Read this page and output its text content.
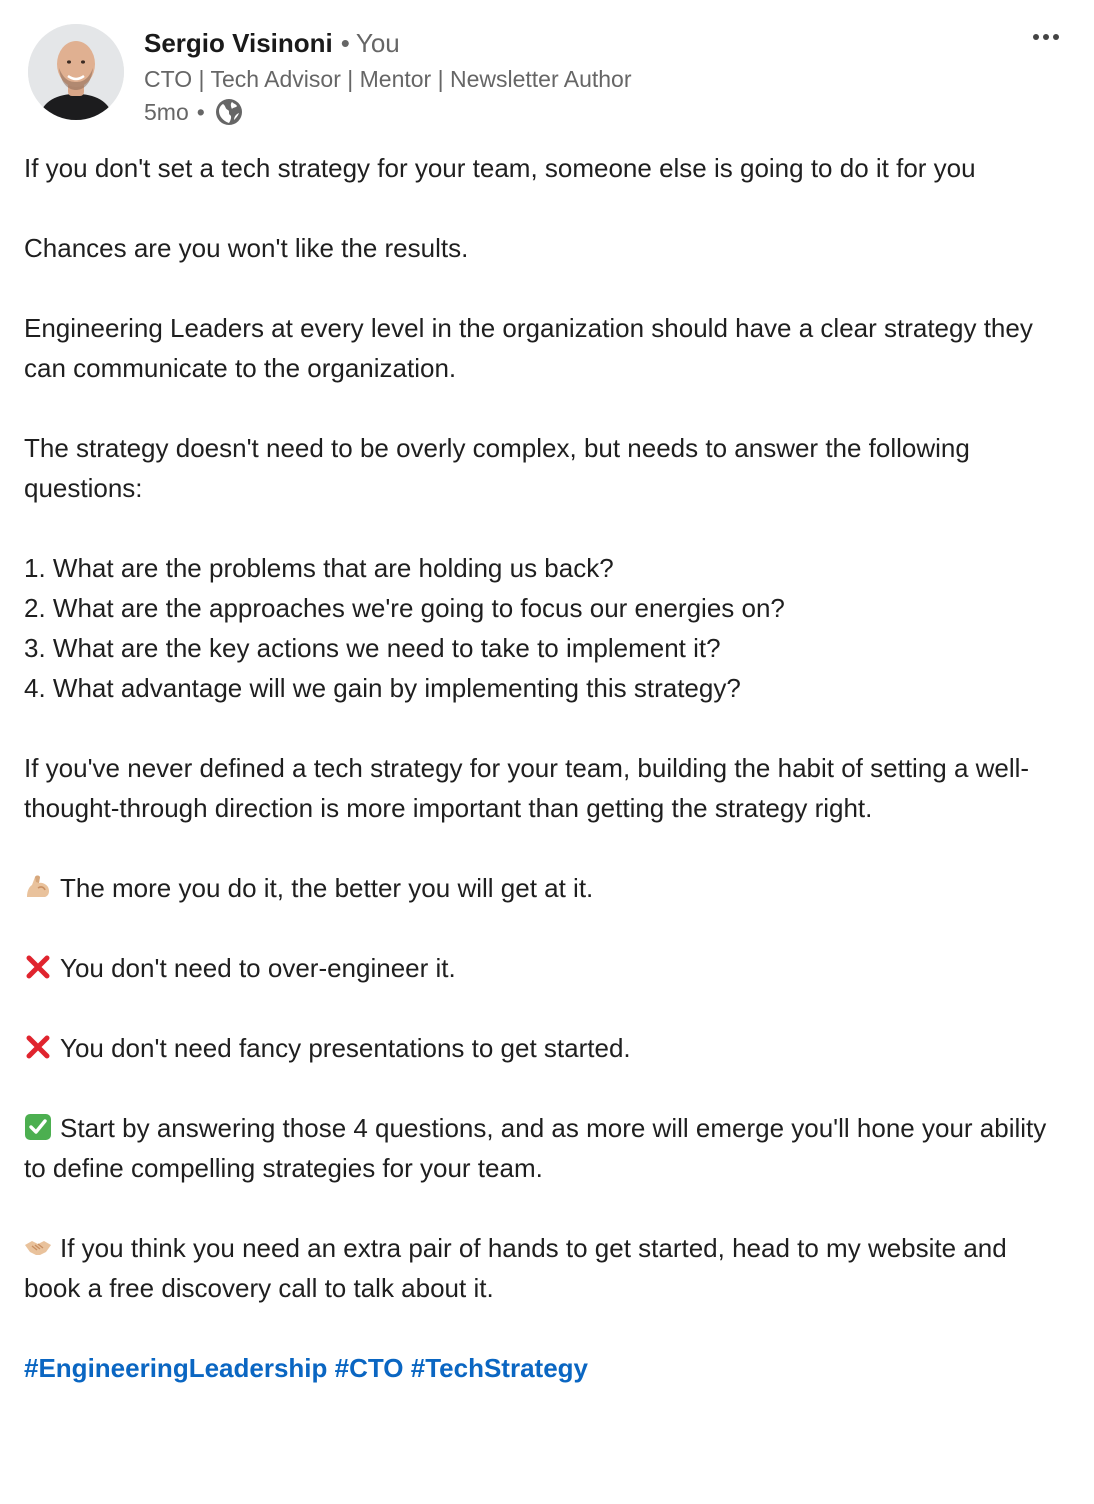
Sergio Visinoni • You
CTO | Tech Advisor | Mentor | Newsletter Author
5mo •

If you don't set a tech strategy for your team, someone else is going to do it for you

Chances are you won't like the results.

Engineering Leaders at every level in the organization should have a clear strategy they can communicate to the organization.

The strategy doesn't need to be overly complex, but needs to answer the following questions:

1. What are the problems that are holding us back?
2. What are the approaches we're going to focus our energies on?
3. What are the key actions we need to take to implement it?
4. What advantage will we gain by implementing this strategy?

If you've never defined a tech strategy for your team, building the habit of setting a well-thought-through direction is more important than getting the strategy right.

The more you do it, the better you will get at it.

You don't need to over-engineer it.

You don't need fancy presentations to get started.

Start by answering those 4 questions, and as more will emerge you'll hone your ability to define compelling strategies for your team.

If you think you need an extra pair of hands to get started, head to my website and book a free discovery call to talk about it.

#EngineeringLeadership #CTO #TechStrategy
